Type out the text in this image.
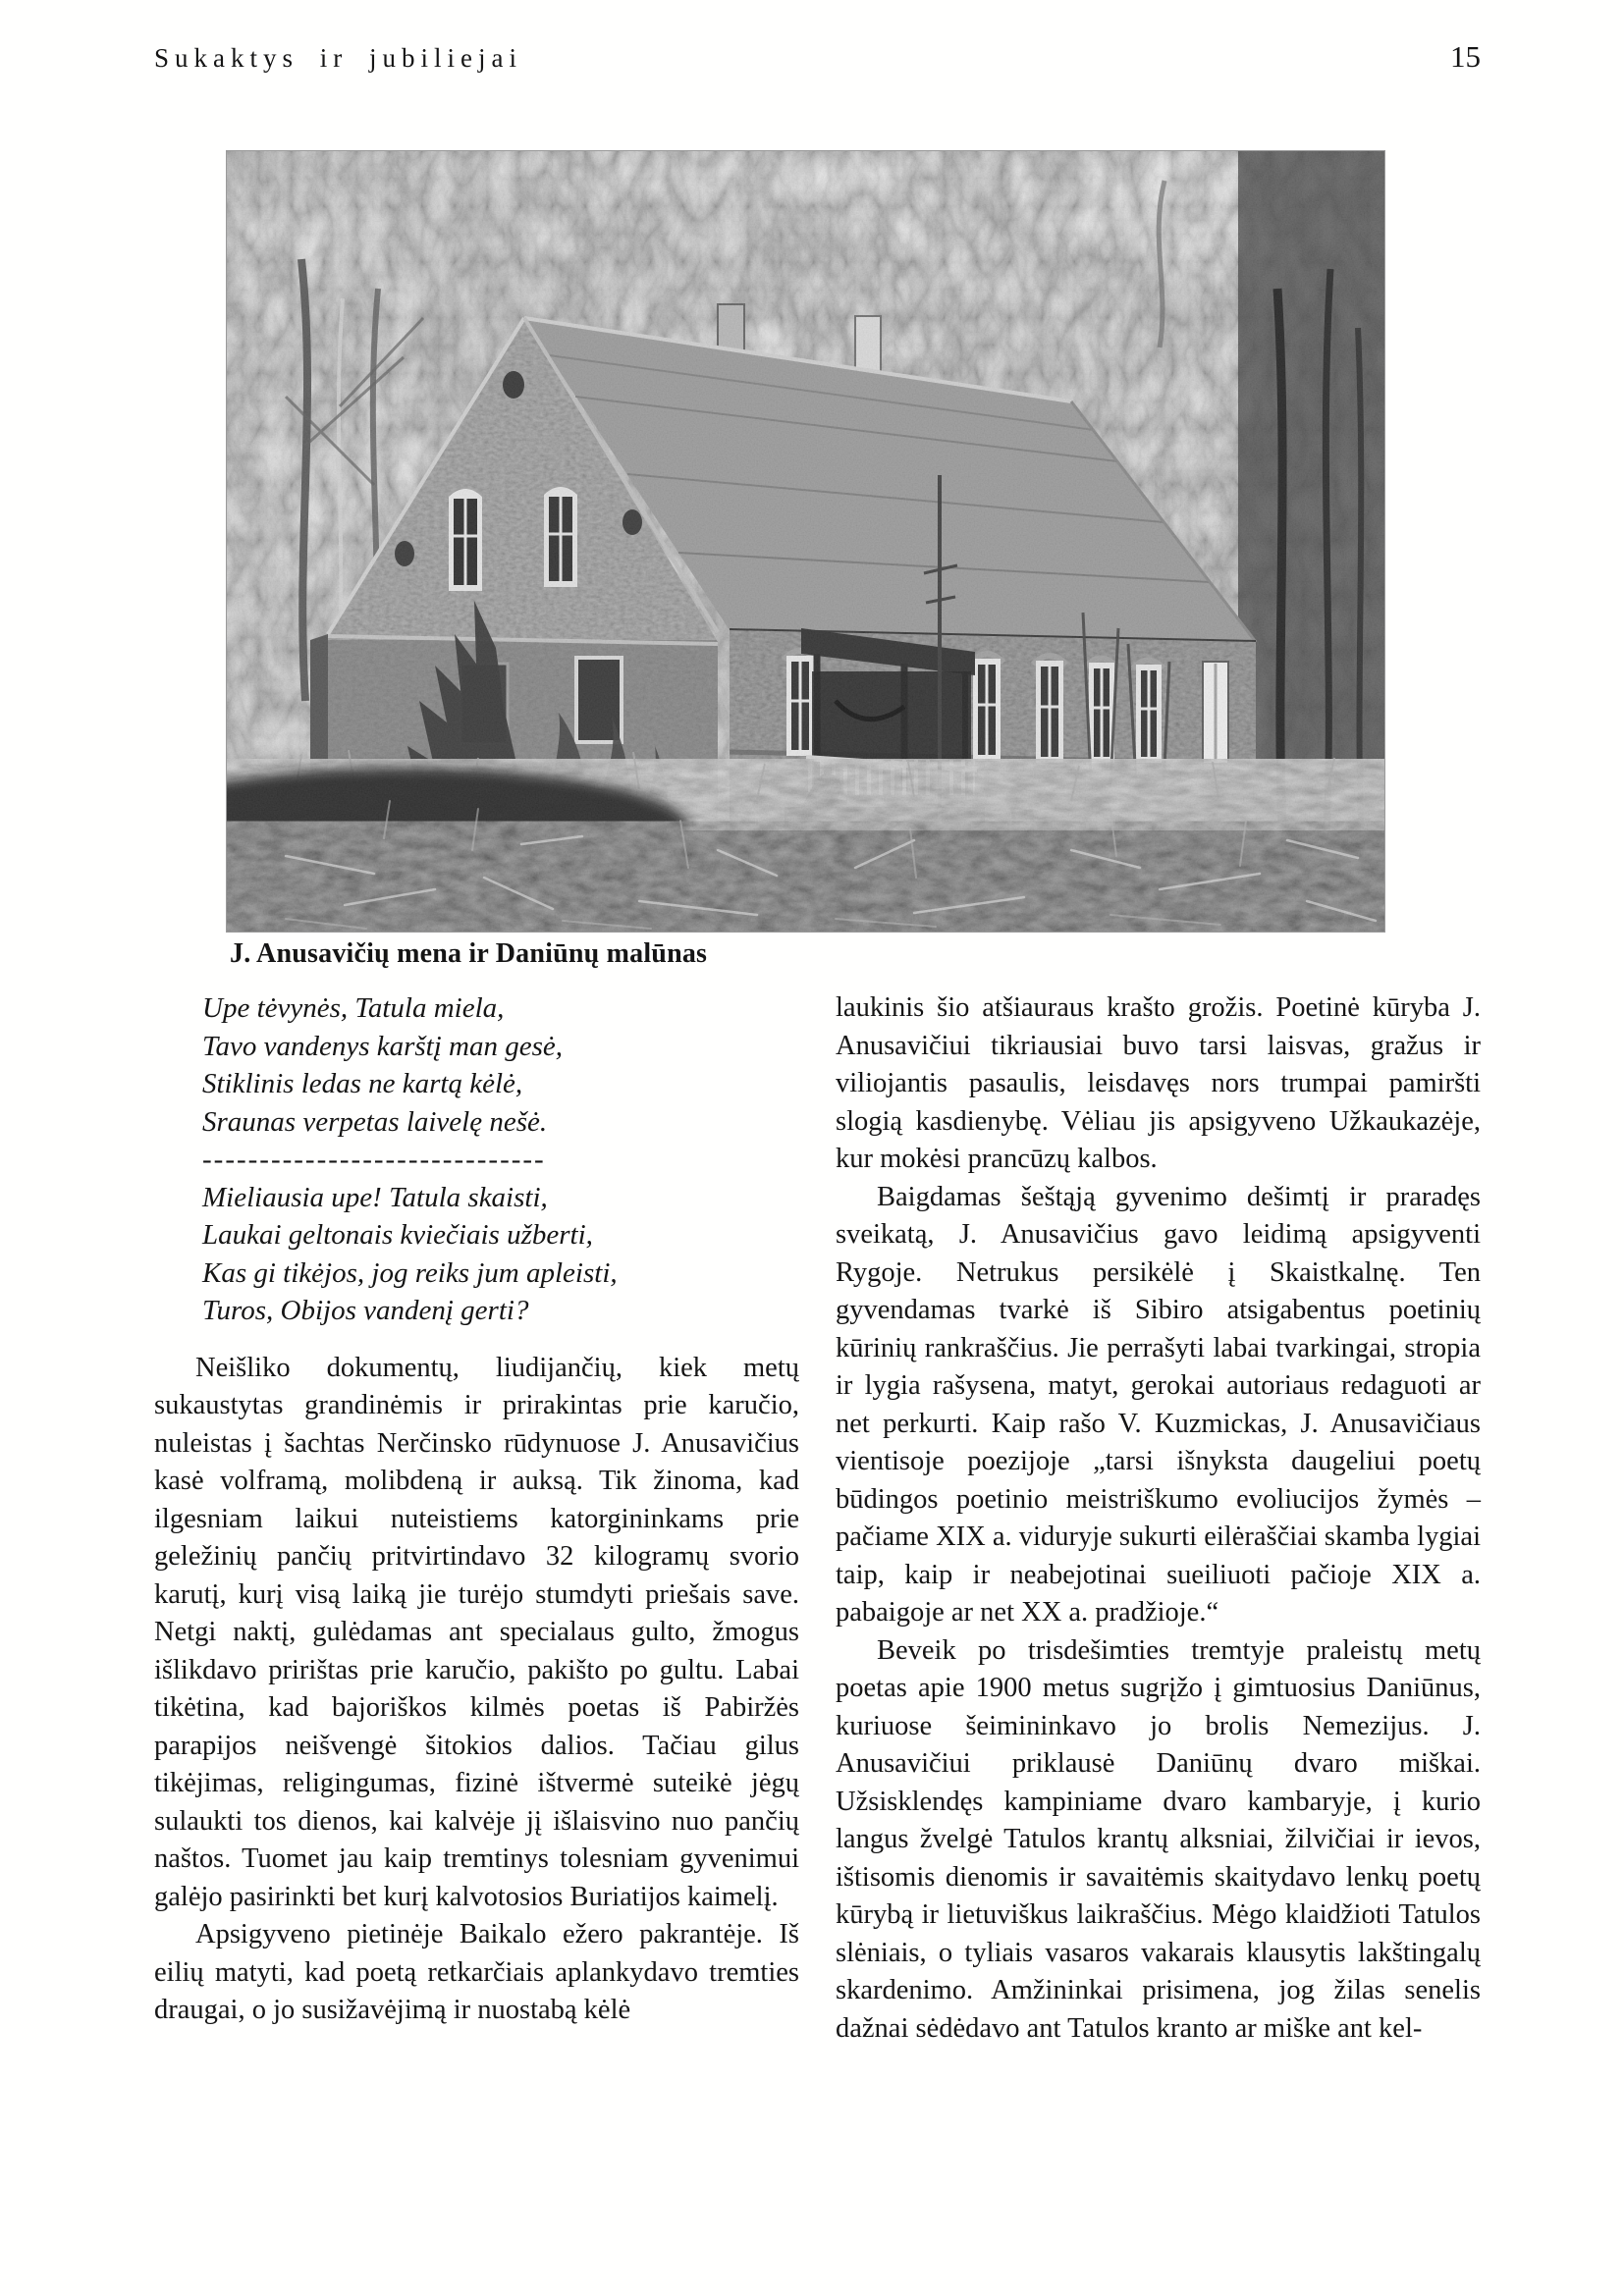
Sukaktys ir jubiliejai	15
J. Anusavičių mena ir Daniūnų malūnas
Upe tėvynės, Tatula miela,
Tavo vandenys karštį man gesė,
Stiklinis ledas ne kartą kėlė,
Sraunas verpetas laivelę nešė.
------------------------------
Mieliausia upe! Tatula skaisti,
Laukai geltonais kviečiais užberti,
Kas gi tikėjos, jog reiks jum apleisti,
Turos, Obijos vandenį gerti?

Neišliko dokumentų, liudijančių, kiek metų sukaustytas grandinėmis ir prirakintas prie karučio, nuleistas į šachtas Nerčinsko rūdynuose J. Anusavičius kasė volframą, molibdeną ir auksą. Tik žinoma, kad ilgesniam laikui nuteistiems katorgininkams prie geležinių pančių pritvirtindavo 32 kilogramų svorio karutį, kurį visą laiką jie turėjo stumdyti priešais save. Netgi naktį, gulėdamas ant specialaus gulto, žmogus išlikdavo pririštas prie karučio, pakišto po gultu. Labai tikėtina, kad bajoriškos kilmės poetas iš Pabiržės parapijos neišvengė šitokios dalios. Tačiau gilus tikėjimas, religingumas, fizinė ištvermė suteikė jėgų sulaukti tos dienos, kai kalvėje jį išlaisvino nuo pančių naštos. Tuomet jau kaip tremtinys tolesniam gyvenimui galėjo pasirinkti bet kurį kalvotosios Buriatijos kaimelį.

Apsigyveno pietinėje Baikalo ežero pakrantėje. Iš eilių matyti, kad poetą retkarčiais aplankydavo tremties draugai, o jo susižavėjimą ir nuostabą kėlė

laukinis šio atšiauraus krašto grožis. Poetinė kūryba J. Anusavičiui tikriausiai buvo tarsi laisvas, gražus ir viliojantis pasaulis, leisdavęs nors trumpai pamiršti slogią kasdienybę. Vėliau jis apsigyveno Užkaukazėje, kur mokėsi prancūzų kalbos.

Baigdamas šeštąją gyvenimo dešimtį ir praradęs sveikatą, J. Anusavičius gavo leidimą apsigyventi Rygoje. Netrukus persikėlė į Skaistkalnę. Ten gyvendamas tvarkė iš Sibiro atsigabentus poetinių kūrinių rankraščius. Jie perrašyti labai tvarkingai, stropia ir lygia rašysena, matyt, gerokai autoriaus redaguoti ar net perkurti. Kaip rašo V. Kuzmickas, J. Anusavičiaus vientisoje poezijoje „tarsi išnyksta daugeliui poetų būdingos poetinio meistriškumo evoliucijos žymės – pačiame XIX a. viduryje sukurti eilėraščiai skamba lygiai taip, kaip ir neabejotinai sueiliuoti pačioje XIX a. pabaigoje ar net XX a. pradžioje.“

Beveik po trisdešimties tremtyje praleistų metų poetas apie 1900 metus sugrįžo į gimtuosius Daniūnus, kuriuose šeimininkavo jo brolis Nemezijus. J. Anusavičiui priklausė Daniūnų dvaro miškai. Užsisklendęs kampiniame dvaro kambaryje, į kurio langus žvelgė Tatulos krantų alksniai, žilvičiai ir ievos, ištisomis dienomis ir savaitėmis skaitydavo lenkų poetų kūrybą ir lietuviškus laikraščius. Mėgo klaidžioti Tatulos slėniais, o tyliais vasaros vakarais klausytis lakštingalų skardenimo. Amžininkai prisimena, jog žilas senelis dažnai sėdėdavo ant Tatulos kranto ar miške ant kel-
